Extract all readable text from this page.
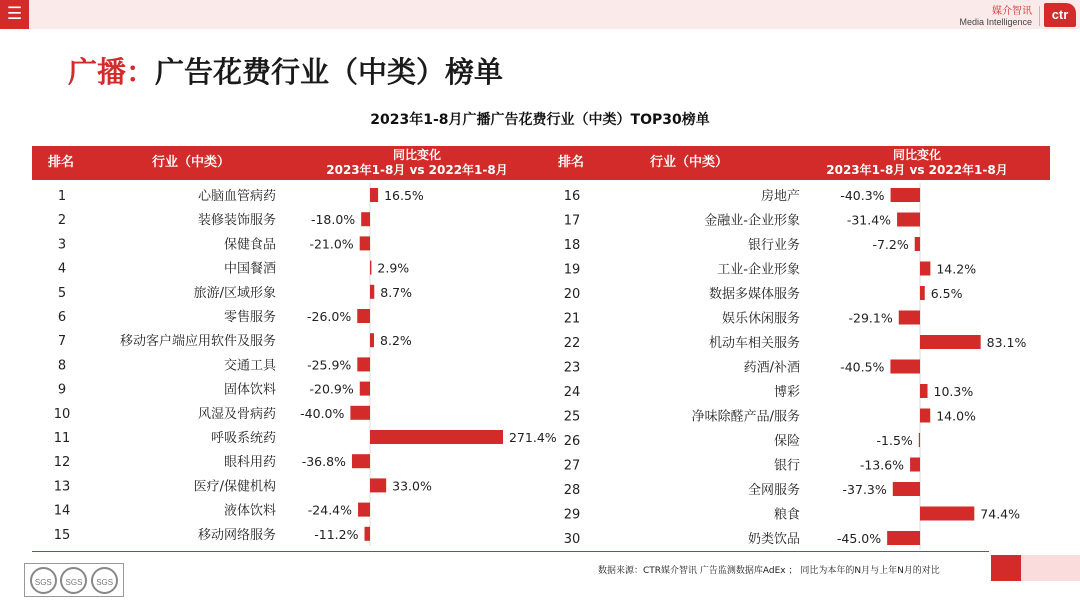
☰	媒介智讯
Media Intelligence	ctr
广播：广告花费行业（中类）榜单
2023年1-8月广播广告花费行业（中类）TOP30榜单
排名	行业（中类）	同比变化
2023年1-8月 vs 2022年1-8月	排名	行业（中类）	同比变化
2023年1-8月 vs 2022年1-8月
1	心脑血管病药	16.5%
2	装修装饰服务	-18.0%
3	保健食品	-21.0%
4	中国餐酒	2.9%
5	旅游/区域形象	8.7%
6	零售服务 -26.0%
7	移动客户端应用软件及服务	8.2%
8	交通工具 -25.9%
9	固体饮料	-20.9%
10	风湿及骨病药 -40.0%
11	呼吸系统药	271.4%
12	眼科用药 -36.8%
13	医疗/保健机构	33.0%
14	液体饮料	-24.4%
15	移动网络服务	-11.2%
16	房地产	-40.3%
17	金融业-企业形象	-31.4%
18	银行业务	-7.2%
19	工业-企业形象	14.2%
20	数据多媒体服务	6.5%
21	娱乐休闲服务	-29.1%
22	机动车相关服务	83.1%
23	药酒/补酒	-40.5%
24	博彩	10.3%
25	净味除醛产品/服务	14.0%
26	保险	-1.5%
27	银行	-13.6%
28	全网服务	-37.3%
29	粮食	74.4%
30	奶类饮品	-45.0%
数据来源：CTR媒介智讯 广告监测数据库AdEx ； 同比为本年的N月与上年N月的对比
SGS	SGS	SGS
